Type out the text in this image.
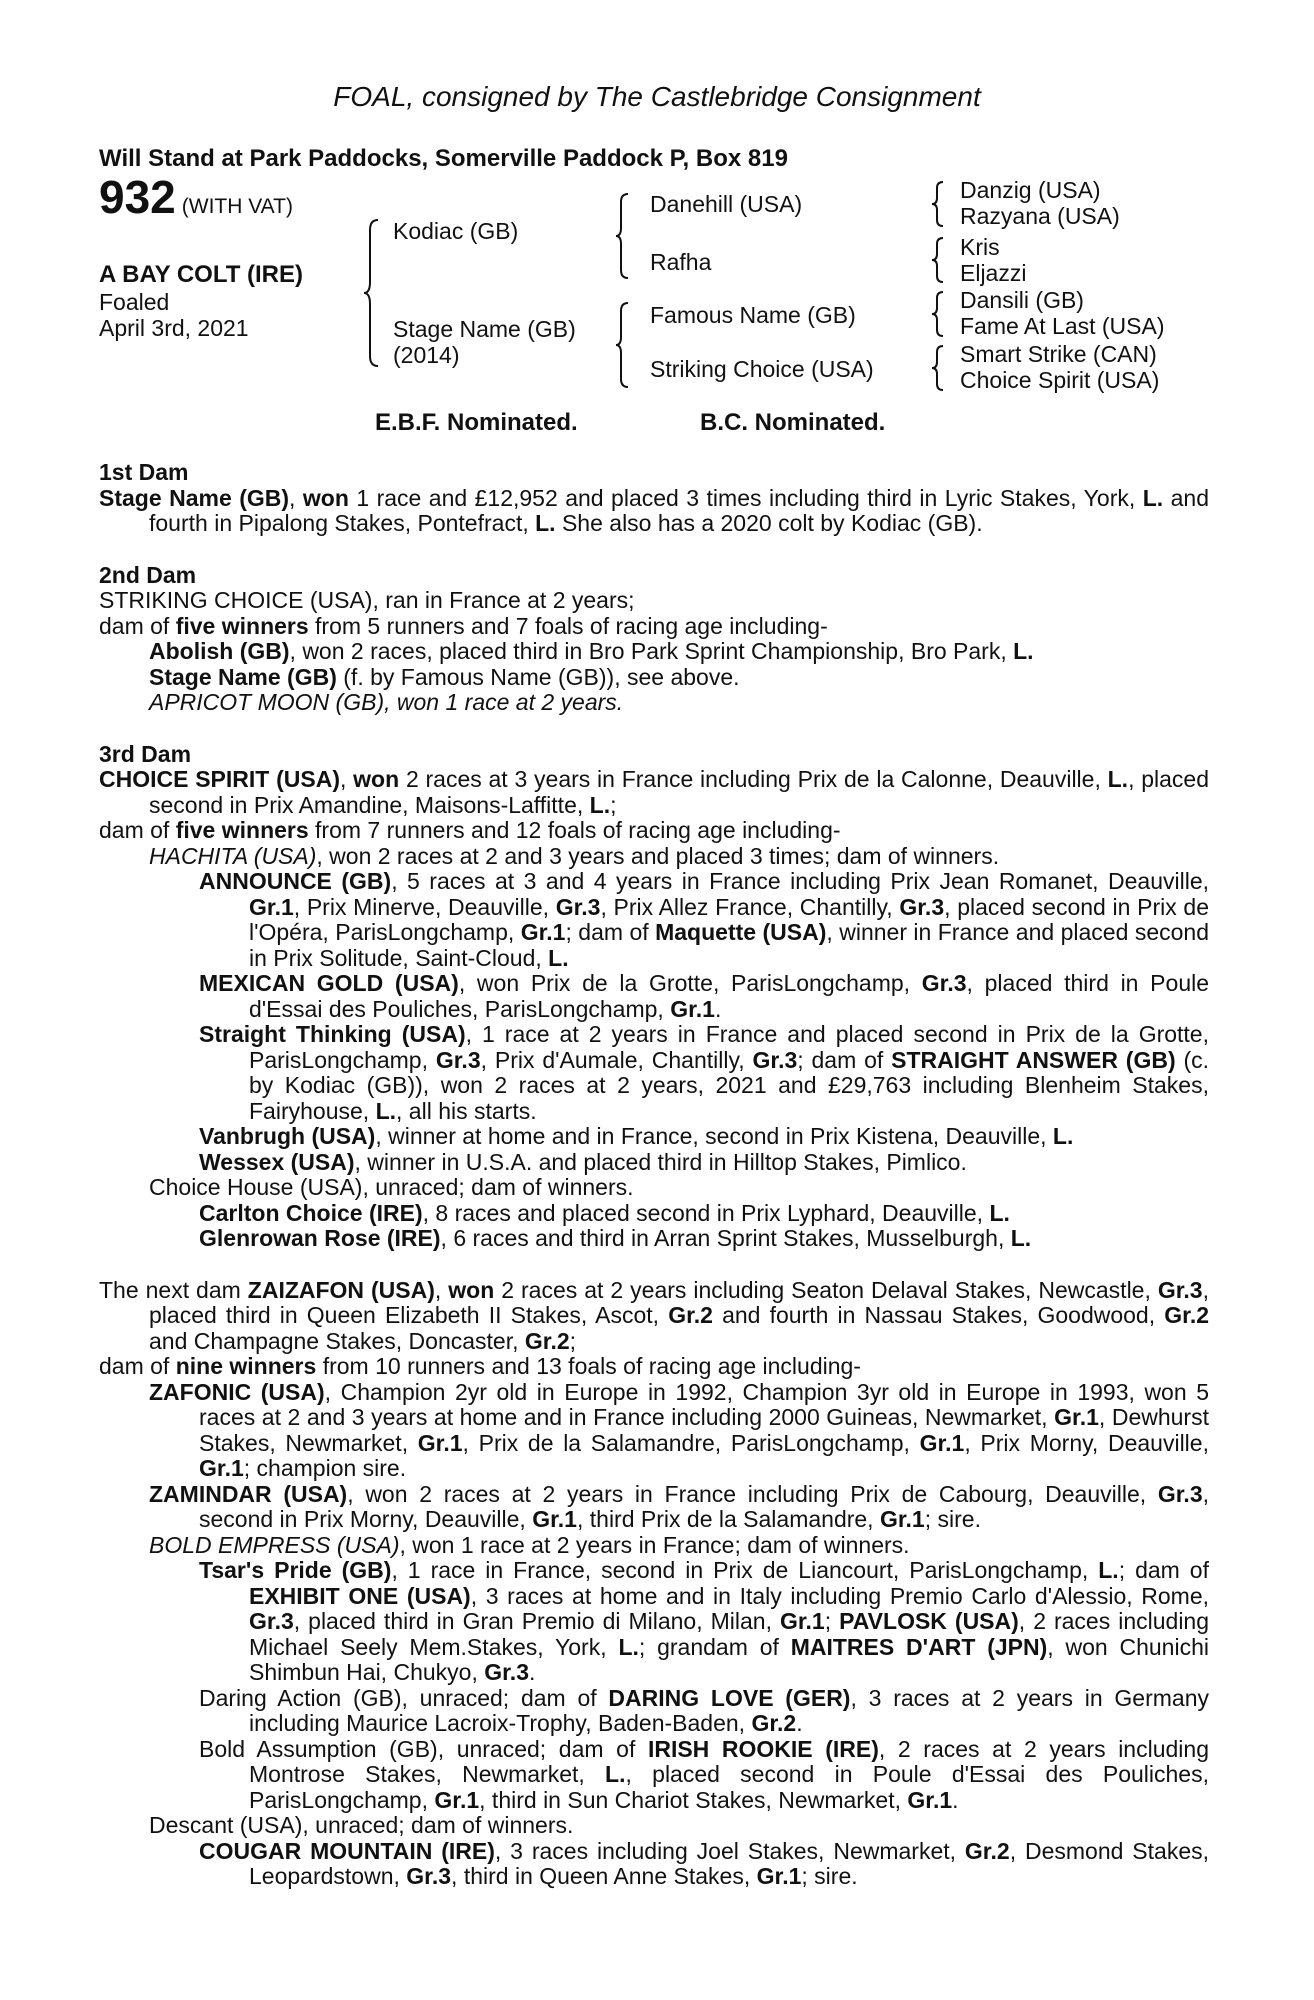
FOAL, consigned by The Castlebridge Consignment
Will Stand at Park Paddocks, Somerville Paddock P, Box 819
932 (WITH VAT)
A BAY COLT (IRE)
Foaled
April 3rd, 2021
Kodiac (GB)
Stage Name (GB)
(2014)
Danehill (USA)
Rafha
Famous Name (GB)
Striking Choice (USA)
Danzig (USA)
Razyana (USA)
Kris
Eljazzi
Dansili (GB)
Fame At Last (USA)
Smart Strike (CAN)
Choice Spirit (USA)
E.B.F. Nominated.	B.C. Nominated.

1st Dam

Stage Name (GB), won 1 race and £12,952 and placed 3 times including third in Lyric Stakes, York, L. and fourth in Pipalong Stakes, Pontefract, L. She also has a 2020 colt by Kodiac (GB).

2nd Dam

STRIKING CHOICE (USA), ran in France at 2 years;

dam of five winners from 5 runners and 7 foals of racing age including-

Abolish (GB), won 2 races, placed third in Bro Park Sprint Championship, Bro Park, L.

Stage Name (GB) (f. by Famous Name (GB)), see above.

APRICOT MOON (GB), won 1 race at 2 years.

3rd Dam

CHOICE SPIRIT (USA), won 2 races at 3 years in France including Prix de la Calonne, Deauville, L., placed second in Prix Amandine, Maisons-Laffitte, L.;

dam of five winners from 7 runners and 12 foals of racing age including-

HACHITA (USA), won 2 races at 2 and 3 years and placed 3 times; dam of winners.

ANNOUNCE (GB), 5 races at 3 and 4 years in France including Prix Jean Romanet, Deauville, Gr.1, Prix Minerve, Deauville, Gr.3, Prix Allez France, Chantilly, Gr.3, placed second in Prix de l'Opéra, ParisLongchamp, Gr.1; dam of Maquette (USA), winner in France and placed second in Prix Solitude, Saint-Cloud, L.

MEXICAN GOLD (USA), won Prix de la Grotte, ParisLongchamp, Gr.3, placed third in Poule d'Essai des Pouliches, ParisLongchamp, Gr.1.

Straight Thinking (USA), 1 race at 2 years in France and placed second in Prix de la Grotte, ParisLongchamp, Gr.3, Prix d'Aumale, Chantilly, Gr.3; dam of STRAIGHT ANSWER (GB) (c. by Kodiac (GB)), won 2 races at 2 years, 2021 and £29,763 including Blenheim Stakes, Fairyhouse, L., all his starts.

Vanbrugh (USA), winner at home and in France, second in Prix Kistena, Deauville, L.

Wessex (USA), winner in U.S.A. and placed third in Hilltop Stakes, Pimlico.

Choice House (USA), unraced; dam of winners.

Carlton Choice (IRE), 8 races and placed second in Prix Lyphard, Deauville, L.

Glenrowan Rose (IRE), 6 races and third in Arran Sprint Stakes, Musselburgh, L.

The next dam ZAIZAFON (USA), won 2 races at 2 years including Seaton Delaval Stakes, Newcastle, Gr.3, placed third in Queen Elizabeth II Stakes, Ascot, Gr.2 and fourth in Nassau Stakes, Goodwood, Gr.2 and Champagne Stakes, Doncaster, Gr.2;

dam of nine winners from 10 runners and 13 foals of racing age including-

ZAFONIC (USA), Champion 2yr old in Europe in 1992, Champion 3yr old in Europe in 1993, won 5 races at 2 and 3 years at home and in France including 2000 Guineas, Newmarket, Gr.1, Dewhurst Stakes, Newmarket, Gr.1, Prix de la Salamandre, ParisLongchamp, Gr.1, Prix Morny, Deauville, Gr.1; champion sire.

ZAMINDAR (USA), won 2 races at 2 years in France including Prix de Cabourg, Deauville, Gr.3, second in Prix Morny, Deauville, Gr.1, third Prix de la Salamandre, Gr.1; sire.

BOLD EMPRESS (USA), won 1 race at 2 years in France; dam of winners.

Tsar's Pride (GB), 1 race in France, second in Prix de Liancourt, ParisLongchamp, L.; dam of EXHIBIT ONE (USA), 3 races at home and in Italy including Premio Carlo d'Alessio, Rome, Gr.3, placed third in Gran Premio di Milano, Milan, Gr.1; PAVLOSK (USA), 2 races including Michael Seely Mem.Stakes, York, L.; grandam of MAITRES D'ART (JPN), won Chunichi Shimbun Hai, Chukyo, Gr.3.

Daring Action (GB), unraced; dam of DARING LOVE (GER), 3 races at 2 years in Germany including Maurice Lacroix-Trophy, Baden-Baden, Gr.2.

Bold Assumption (GB), unraced; dam of IRISH ROOKIE (IRE), 2 races at 2 years including Montrose Stakes, Newmarket, L., placed second in Poule d'Essai des Pouliches, ParisLongchamp, Gr.1, third in Sun Chariot Stakes, Newmarket, Gr.1.

Descant (USA), unraced; dam of winners.

COUGAR MOUNTAIN (IRE), 3 races including Joel Stakes, Newmarket, Gr.2, Desmond Stakes, Leopardstown, Gr.3, third in Queen Anne Stakes, Gr.1; sire.
